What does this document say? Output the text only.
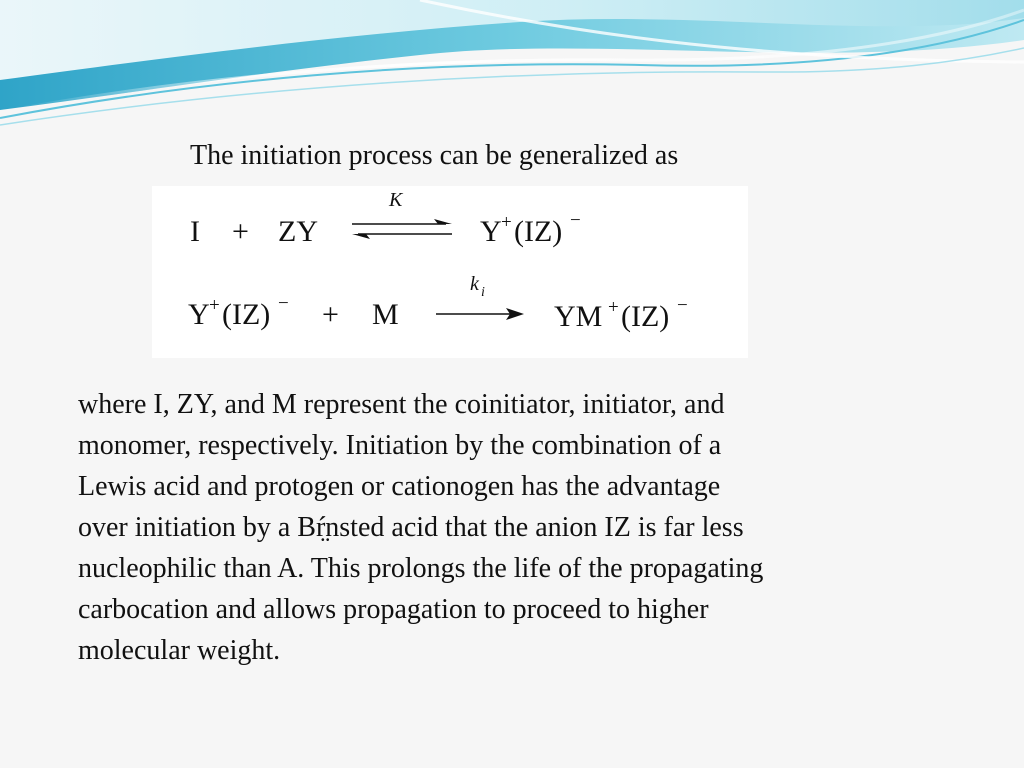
The initiation process can be generalized as

I + ZY
K
Y + (IZ) −
Y + (IZ) − + M
k i
YM + (IZ) −

where I, ZY, and M represent the coinitiator, initiator, and
monomer, respectively. Initiation by the combination of a
Lewis acid and protogen or cationogen has the advantage
over initiation by a Bŕ̤nsted acid that the anion IZ is far less
nucleophilic than A. This prolongs the life of the propagating
carbocation and allows propagation to proceed to higher
molecular weight.
